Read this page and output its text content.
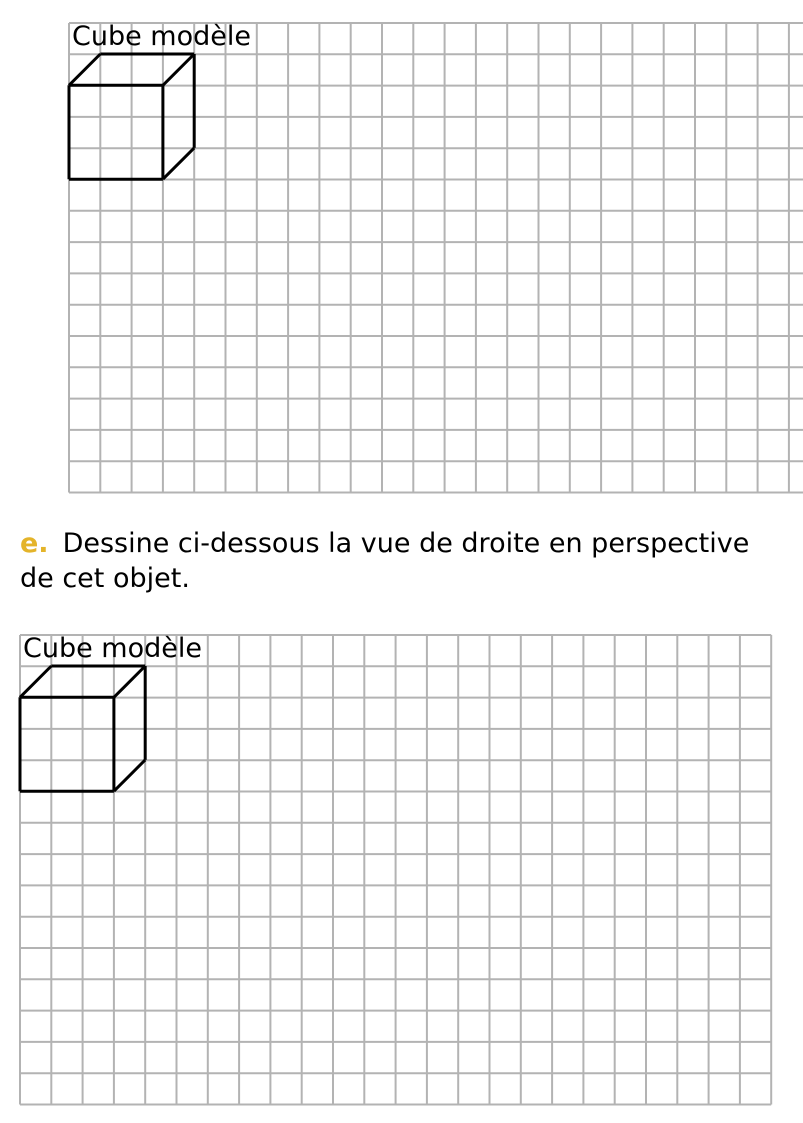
Cube modèle

e. Dessine ci-dessous la vue de droite en perspective de cet objet.

Cube modèle
